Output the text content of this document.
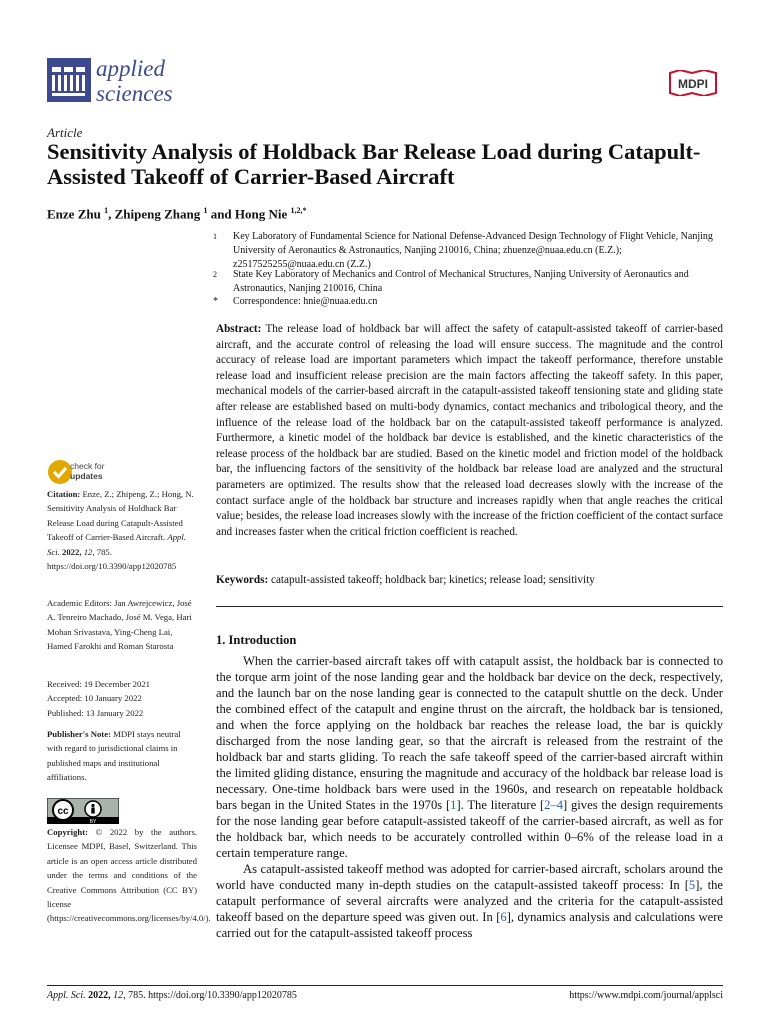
applied
sciences	MDPI
Article
Sensitivity Analysis of Holdback Bar Release Load during Catapult-Assisted Takeoff of Carrier-Based Aircraft
Enze Zhu $^1$, Zhipeng Zhang $^1$ and Hong Nie $^{1,2,*}$
1	Key Laboratory of Fundamental Science for National Defense-Advanced Design Technology of Flight Vehicle, Nanjing University of Aeronautics & Astronautics, Nanjing 210016, China; zhuenze@nuaa.edu.cn (E.Z.); z2517525255@nuaa.edu.cn (Z.Z.)
2	State Key Laboratory of Mechanics and Control of Mechanical Structures, Nanjing University of Aeronautics and Astronautics, Nanjing 210016, China
*	Correspondence: hnie@nuaa.edu.cn
Abstract: The release load of holdback bar will affect the safety of catapult-assisted takeoff of carrier-based aircraft, and the accurate control of releasing the load will ensure success. The magnitude and the control accuracy of release load are important parameters which impact the takeoff performance, therefore unstable release load and insufficient release precision are the main factors affecting the takeoff safety. In this paper, mechanical models of the carrier-based aircraft in the catapult-assisted takeoff tensioning state and gliding state after release are established based on multi-body dynamics, contact mechanics and tribological theory, and the influence of the release load of the holdback bar on the catapult-assisted takeoff performance is analyzed. Furthermore, a kinetic model of the holdback bar device is established, and the kinetic characteristics of the release process of the holdback bar are studied. Based on the kinetic model and friction model of the holdback bar, the influencing factors of the sensitivity of the holdback bar release load are analyzed and the structural parameters are optimized. The results show that the released load decreases slowly with the increase of the contact surface angle of the holdback bar structure and increases rapidly when that angle reaches the critical value; besides, the release load increases slowly with the increase of the friction coefficient of the contact surface and increases faster when the critical friction coefficient is reached.
Keywords: catapult-assisted takeoff; holdback bar; kinetics; release load; sensitivity
check for
updates
Citation: Enze, Z.; Zhipeng, Z.; Hong, N. Sensitivity Analysis of Holdback Bar Release Load during Catapult-Assisted Takeoff of Carrier-Based Aircraft. Appl. Sci. 2022, 12, 785. https://doi.org/10.3390/app12020785
Academic Editors: Jan Awrejcewicz, José A. Tenreiro Machado, José M. Vega, Hari Mohan Srivastava, Ying-Cheng Lai, Hamed Farokhi and Roman Starosta
Received: 19 December 2021
Accepted: 10 January 2022
Published: 13 January 2022
Publisher's Note: MDPI stays neutral with regard to jurisdictional claims in published maps and institutional affiliations.
cc
BY
Copyright: © 2022 by the authors. Licensee MDPI, Basel, Switzerland. This article is an open access article distributed under the terms and conditions of the Creative Commons Attribution (CC BY) license (https://creativecommons.org/licenses/by/4.0/).
1. Introduction

When the carrier-based aircraft takes off with catapult assist, the holdback bar is connected to the torque arm joint of the nose landing gear and the holdback bar device on the deck, respectively, and the launch bar on the nose landing gear is connected to the catapult shuttle on the deck. Under the combined effect of the catapult and engine thrust on the aircraft, the holdback bar is tensioned, and when the force applying on the holdback bar reaches the release load, the bar is quickly discharged from the nose landing gear, so that the aircraft is released from the restraint of the holdback bar and starts gliding. To reach the safe takeoff speed of the carrier-based aircraft within the limited gliding distance, ensuring the magnitude and accuracy of the holdback bar release load is necessary. One-time holdback bars were used in the 1960s, and research on repeatable holdback bars began in the United States in the 1970s [1]. The literature [2–4] gives the design requirements for the nose landing gear before catapult-assisted takeoff of the carrier-based aircraft, as well as for the holdback bar, which needs to be accurately controlled within 0–6% of the release load in a certain temperature range.

As catapult-assisted takeoff method was adopted for carrier-based aircraft, scholars around the world have conducted many in-depth studies on the catapult-assisted takeoff process: In [5], the catapult performance of several aircrafts were analyzed and the criteria for the catapult-assisted takeoff based on the departure speed was given out. In [6], dynamics analysis and calculations were carried out for the catapult-assisted takeoff process

Appl. Sci. 2022, 12, 785. https://doi.org/10.3390/app12020785	https://www.mdpi.com/journal/applsci
